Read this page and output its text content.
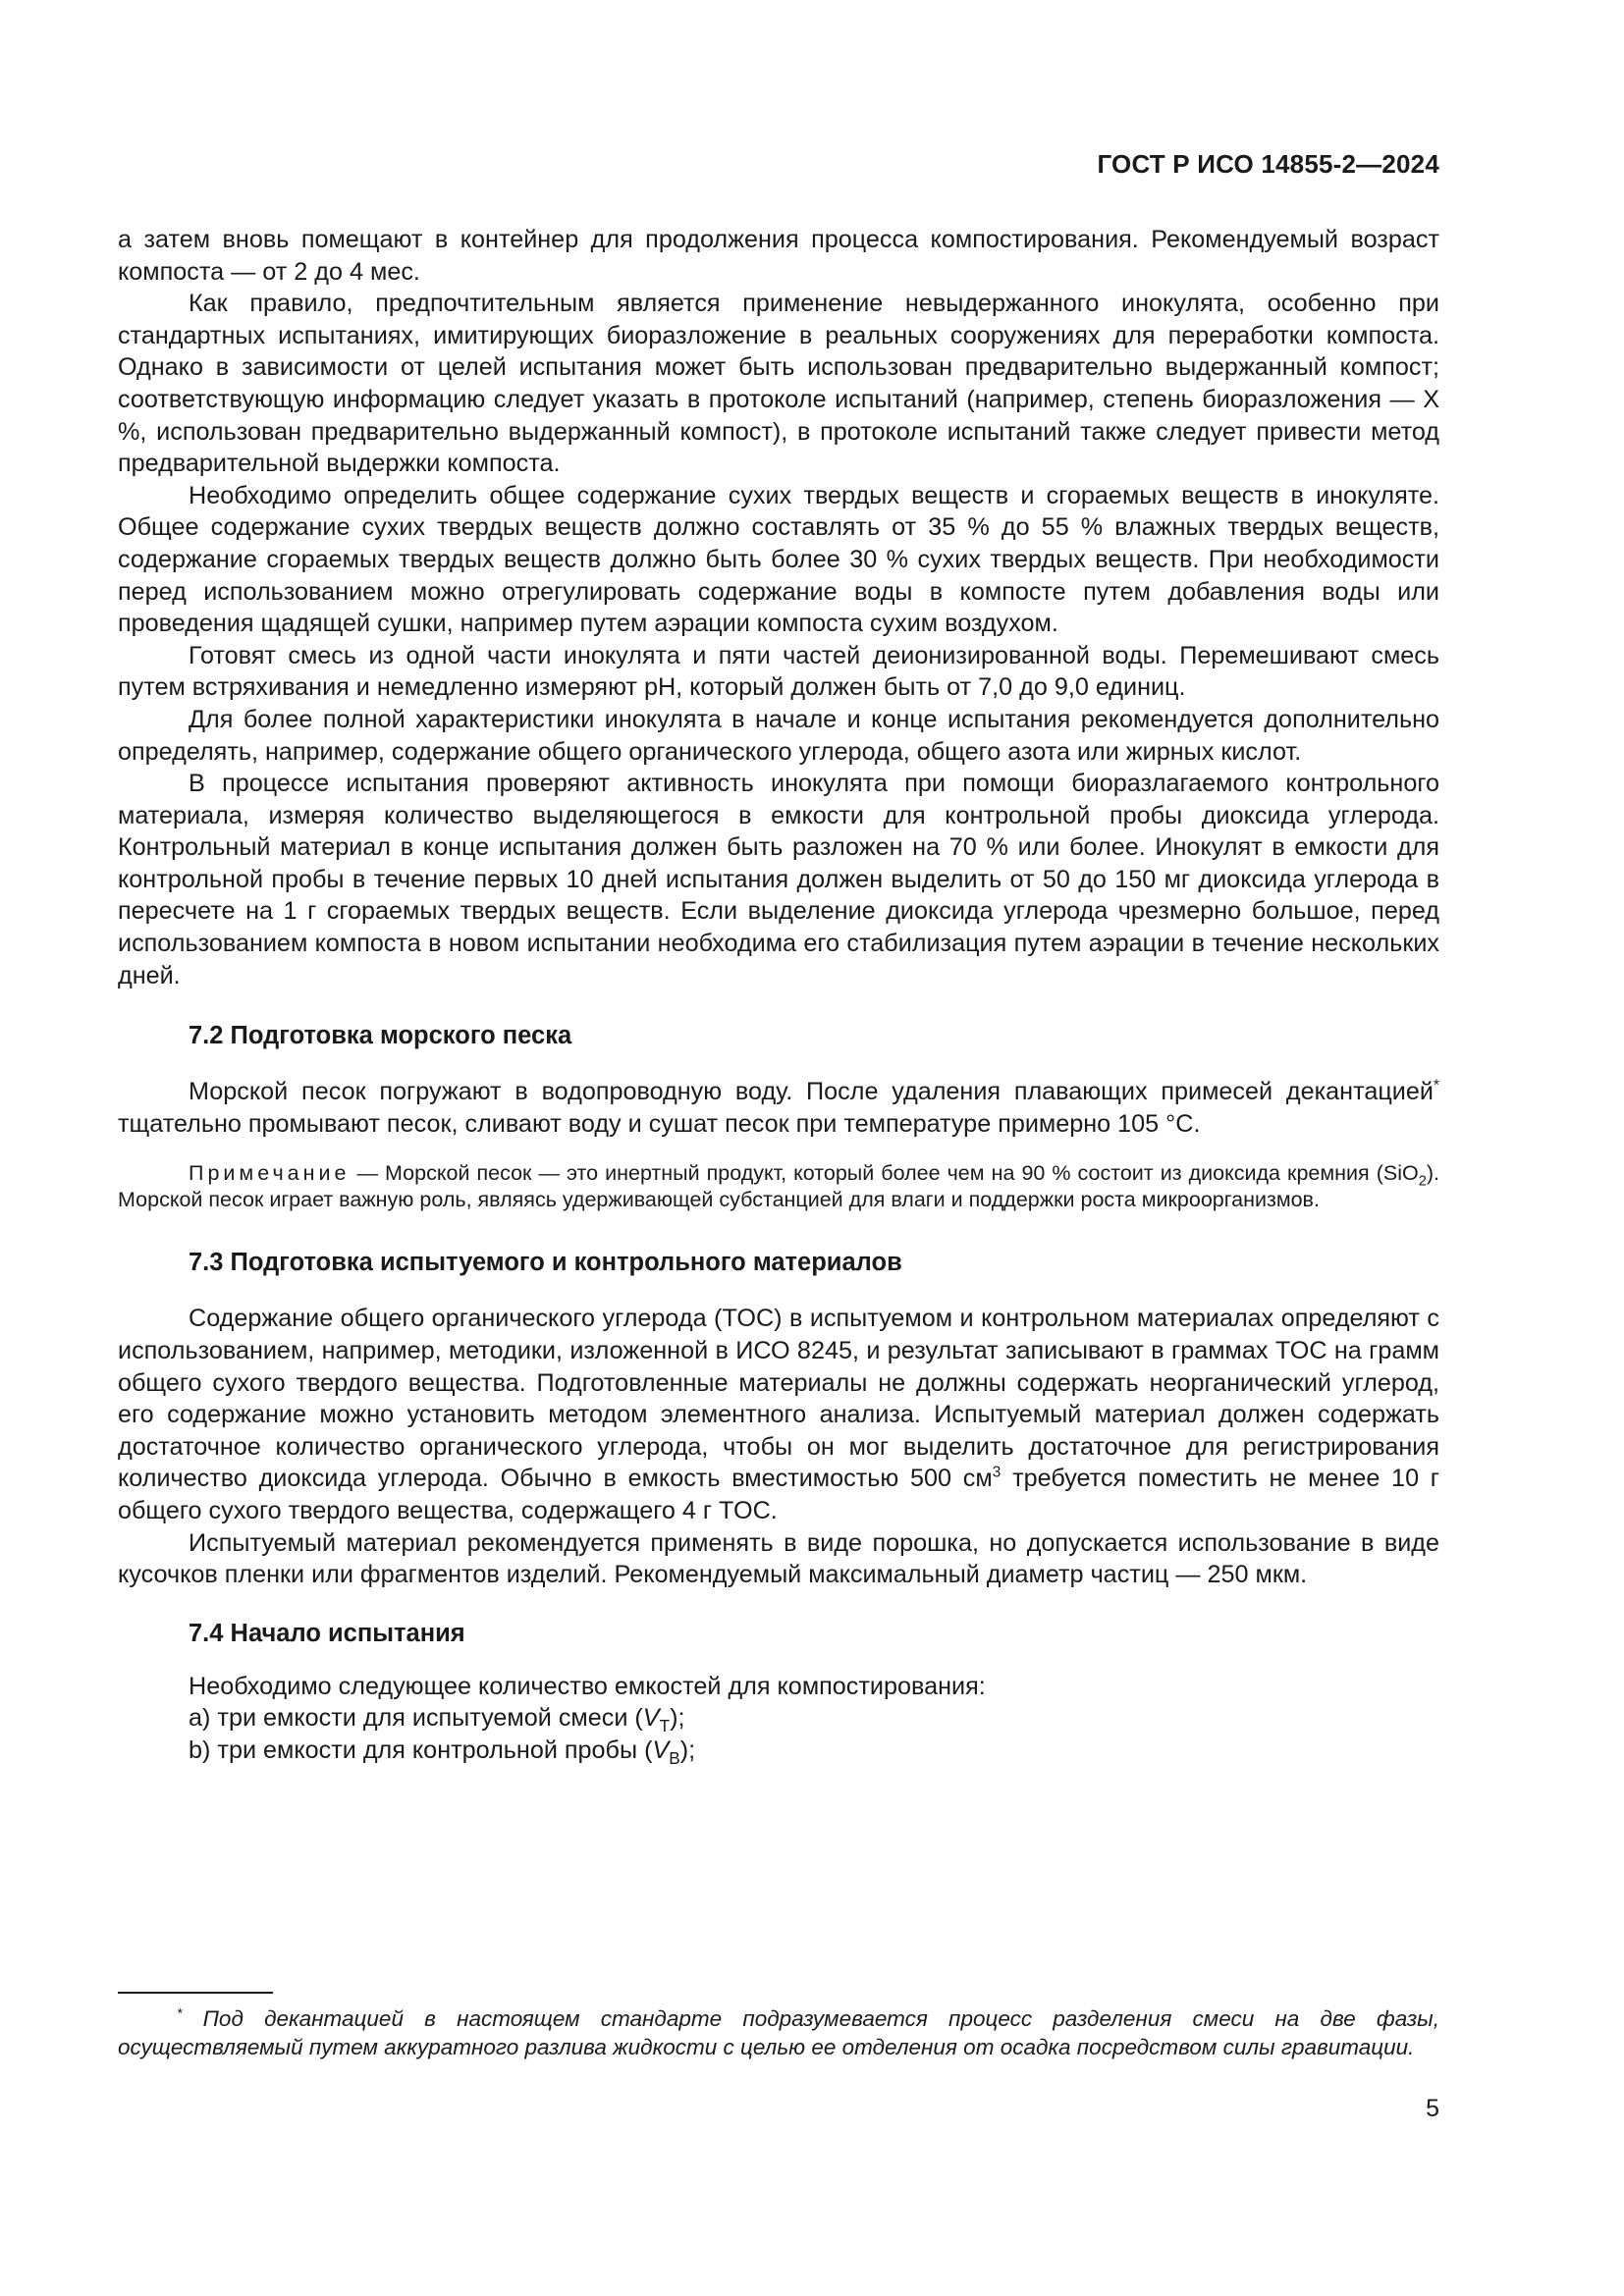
ГОСТ Р ИСО 14855-2—2024

а затем вновь помещают в контейнер для продолжения процесса компостирования. Рекомендуемый возраст компоста — от 2 до 4 мес.

Как правило, предпочтительным является применение невыдержанного инокулята, особенно при стандартных испытаниях, имитирующих биоразложение в реальных сооружениях для переработки компоста. Однако в зависимости от целей испытания может быть использован предварительно выдержанный компост; соответствующую информацию следует указать в протоколе испытаний (например, степень биоразложения — X %, использован предварительно выдержанный компост), в протоколе испытаний также следует привести метод предварительной выдержки компоста.

Необходимо определить общее содержание сухих твердых веществ и сгораемых веществ в инокуляте. Общее содержание сухих твердых веществ должно составлять от 35 % до 55 % влажных твердых веществ, содержание сгораемых твердых веществ должно быть более 30 % сухих твердых веществ. При необходимости перед использованием можно отрегулировать содержание воды в компосте путем добавления воды или проведения щадящей сушки, например путем аэрации компоста сухим воздухом.

Готовят смесь из одной части инокулята и пяти частей деионизированной воды. Перемешивают смесь путем встряхивания и немедленно измеряют pH, который должен быть от 7,0 до 9,0 единиц.

Для более полной характеристики инокулята в начале и конце испытания рекомендуется дополнительно определять, например, содержание общего органического углерода, общего азота или жирных кислот.

В процессе испытания проверяют активность инокулята при помощи биоразлагаемого контрольного материала, измеряя количество выделяющегося в емкости для контрольной пробы диоксида углерода. Контрольный материал в конце испытания должен быть разложен на 70 % или более. Инокулят в емкости для контрольной пробы в течение первых 10 дней испытания должен выделить от 50 до 150 мг диоксида углерода в пересчете на 1 г сгораемых твердых веществ. Если выделение диоксида углерода чрезмерно большое, перед использованием компоста в новом испытании необходима его стабилизация путем аэрации в течение нескольких дней.

7.2 Подготовка морского песка

Морской песок погружают в водопроводную воду. После удаления плавающих примесей декантацией* тщательно промывают песок, сливают воду и сушат песок при температуре примерно 105 °С.

Примечание — Морской песок — это инертный продукт, который более чем на 90 % состоит из диоксида кремния (SiO$_2$). Морской песок играет важную роль, являясь удерживающей субстанцией для влаги и поддержки роста микроорганизмов.
7.3 Подготовка испытуемого и контрольного материалов

Содержание общего органического углерода (TOC) в испытуемом и контрольном материалах определяют с использованием, например, методики, изложенной в ИСО 8245, и результат записывают в граммах TOC на грамм общего сухого твердого вещества. Подготовленные материалы не должны содержать неорганический углерод, его содержание можно установить методом элементного анализа. Испытуемый материал должен содержать достаточное количество органического углерода, чтобы он мог выделить достаточное для регистрирования количество диоксида углерода. Обычно в емкость вместимостью 500 $см^3$ требуется поместить не менее 10 г общего сухого твердого вещества, содержащего 4 г TOC.

Испытуемый материал рекомендуется применять в виде порошка, но допускается использование в виде кусочков пленки или фрагментов изделий. Рекомендуемый максимальный диаметр частиц — 250 мкм.

7.4 Начало испытания

Необходимо следующее количество емкостей для компостирования:

a) три емкости для испытуемой смеси $(V_T)$;
b) три емкости для контрольной пробы $(V_B)$;
* Под декантацией в настоящем стандарте подразумевается процесс разделения смеси на две фазы, осуществляемый путем аккуратного разлива жидкости с целью ее отделения от осадка посредством силы гравитации.
5
